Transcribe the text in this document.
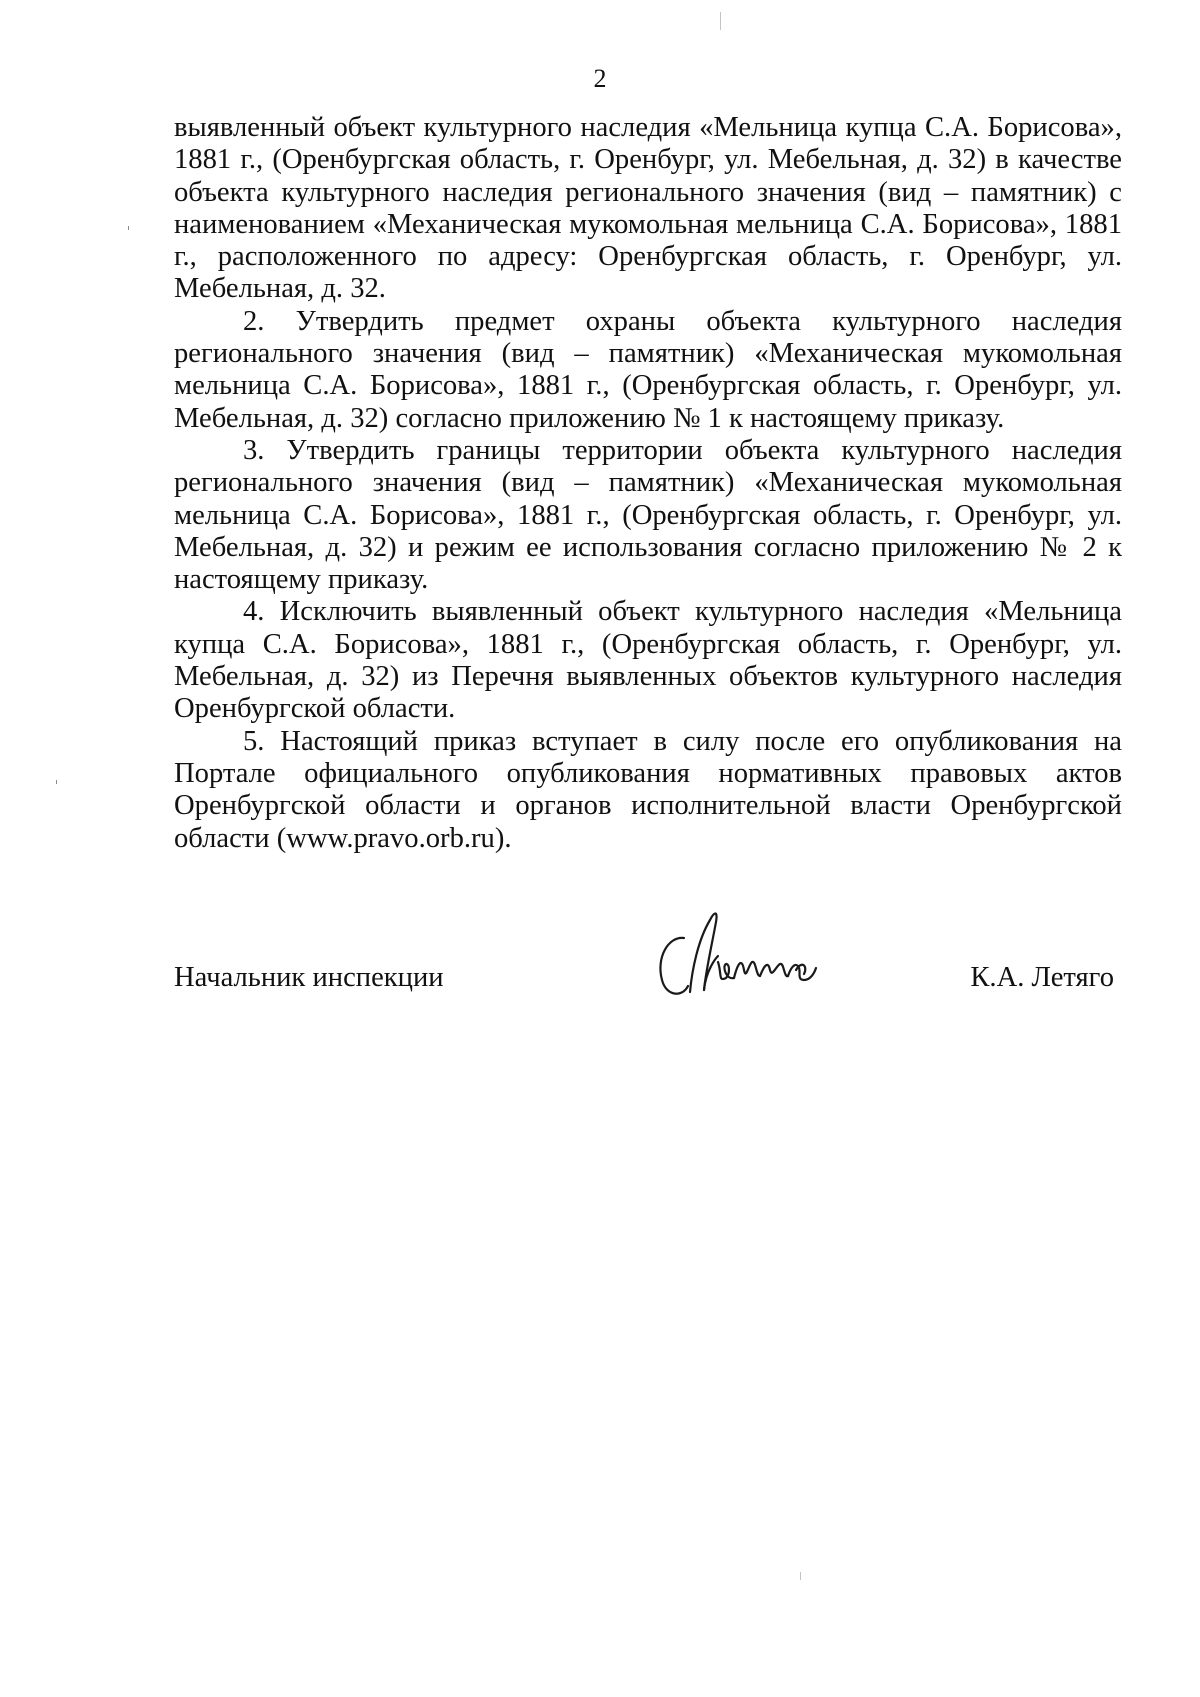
2

выявленный объект культурного наследия «Мельница купца С.А. Борисова», 1881 г., (Оренбургская область, г. Оренбург, ул. Мебельная, д. 32) в качестве объекта культурного наследия регионального значения (вид – памятник) с наименованием «Механическая мукомольная мельница С.А. Борисова», 1881 г., расположенного по адресу: Оренбургская область, г. Оренбург, ул. Мебельная, д. 32.

2. Утвердить предмет охраны объекта культурного наследия регионального значения (вид – памятник) «Механическая мукомольная мельница С.А. Борисова», 1881 г., (Оренбургская область, г. Оренбург, ул. Мебельная, д. 32) согласно приложению № 1 к настоящему приказу.

3. Утвердить границы территории объекта культурного наследия регионального значения (вид – памятник) «Механическая мукомольная мельница С.А. Борисова», 1881 г., (Оренбургская область, г. Оренбург, ул. Мебельная, д. 32) и режим ее использования согласно приложению № 2 к настоящему приказу.

4. Исключить выявленный объект культурного наследия «Мельница купца С.А. Борисова», 1881 г., (Оренбургская область, г. Оренбург, ул. Мебельная, д. 32) из Перечня выявленных объектов культурного наследия Оренбургской области.

5. Настоящий приказ вступает в силу после его опубликования на Портале официального опубликования нормативных правовых актов Оренбургской области и органов исполнительной власти Оренбургской области (www.pravo.orb.ru).

Начальник инспекции	К.А. Летяго
